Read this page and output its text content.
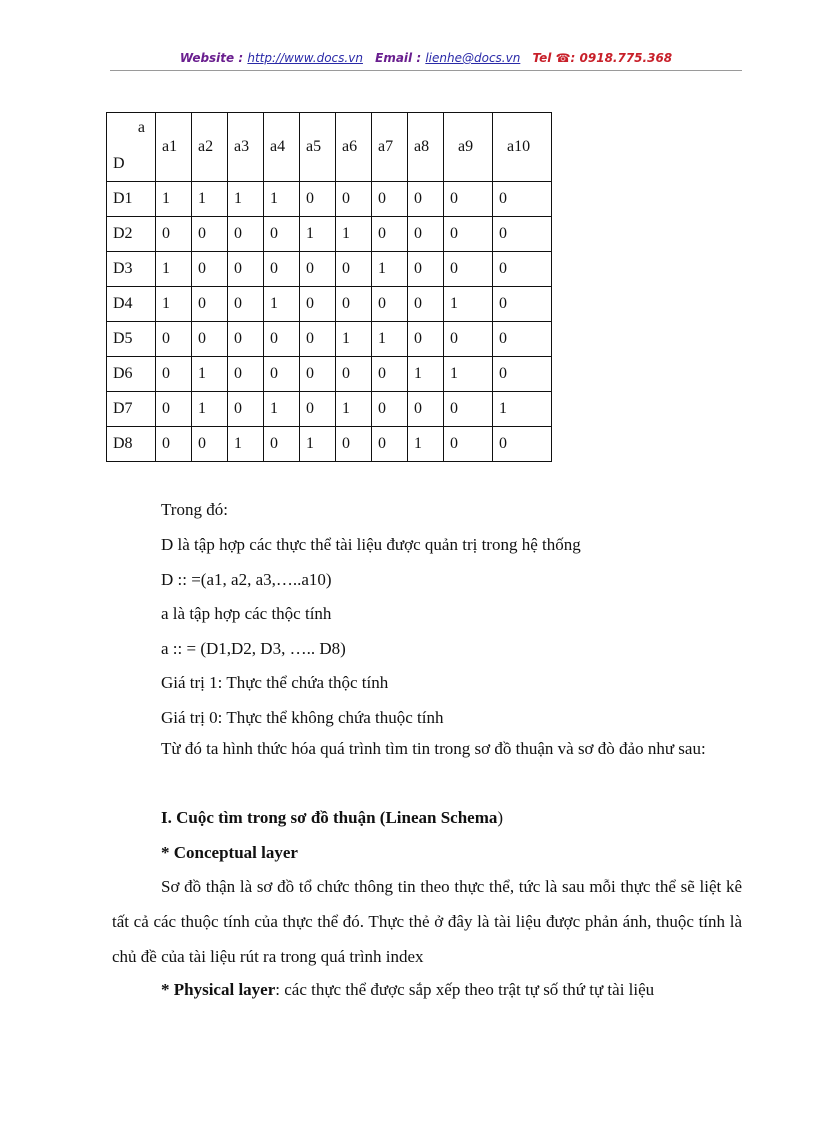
Website : http://www.docs.vn Email : lienhe@docs.vn Tel ☎: 0918.775.368
a
D	a1	a2	a3	a4	a5	a6	a7	a8	a9	a10
D1	1	1	1	1	0	0	0	0	0	0
D2	0	0	0	0	1	1	0	0	0	0
D3	1	0	0	0	0	0	1	0	0	0
D4	1	0	0	1	0	0	0	0	1	0
D5	0	0	0	0	0	1	1	0	0	0
D6	0	1	0	0	0	0	0	1	1	0
D7	0	1	0	1	0	1	0	0	0	1
D8	0	0	1	0	1	0	0	1	0	0
Trong đó:
D là tập hợp các thực thể tài liệu được quản trị trong hệ thống
D :: =(a1, a2, a3,…..a10)
a là tập hợp các thộc tính
a :: = (D1,D2, D3, ….. D8)
Giá trị 1: Thực thể chứa thộc tính
Giá trị 0: Thực thể không chứa thuộc tính
Từ đó ta hình thức hóa quá trình tìm tin trong sơ đồ thuận và sơ đò đảo như sau:
I. Cuộc tìm trong sơ đồ thuận (Linean Schema)
* Conceptual layer
Sơ đồ thận là sơ đồ tổ chức thông tin theo thực thể, tức là sau mỗi thực thể sẽ liệt kê tất cả các thuộc tính của thực thể đó. Thực thẻ ở đây là tài liệu được phản ánh, thuộc tính là chủ đề của tài liệu rút ra trong quá trình index
* Physical layer: các thực thể được sắp xếp theo trật tự số thứ tự tài liệu
